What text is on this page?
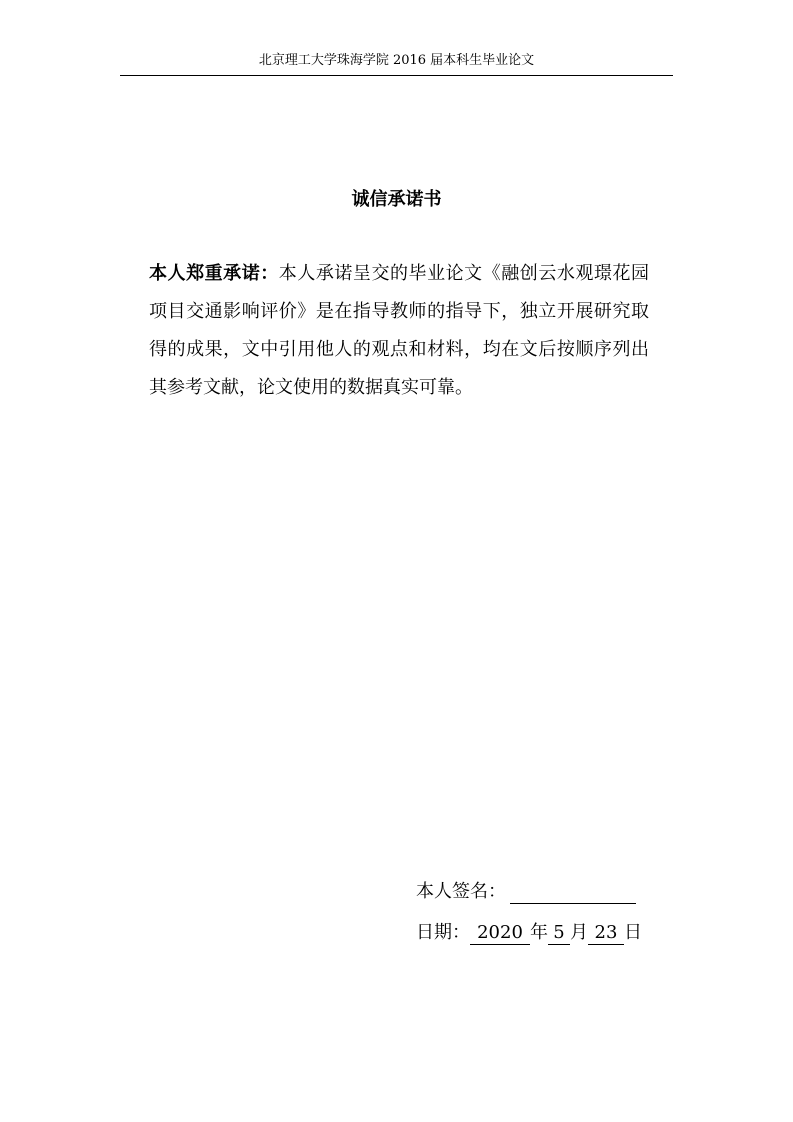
北京理工大学珠海学院 2016 届本科生毕业论文
诚信承诺书
本人郑重承诺：本人承诺呈交的毕业论文《融创云水观璟花园项目交通影响评价》是在指导教师的指导下，独立开展研究取得的成果，文中引用他人的观点和材料，均在文后按顺序列出其参考文献，论文使用的数据真实可靠。
本人签名：
日期： 2020 年 5 月 23 日
